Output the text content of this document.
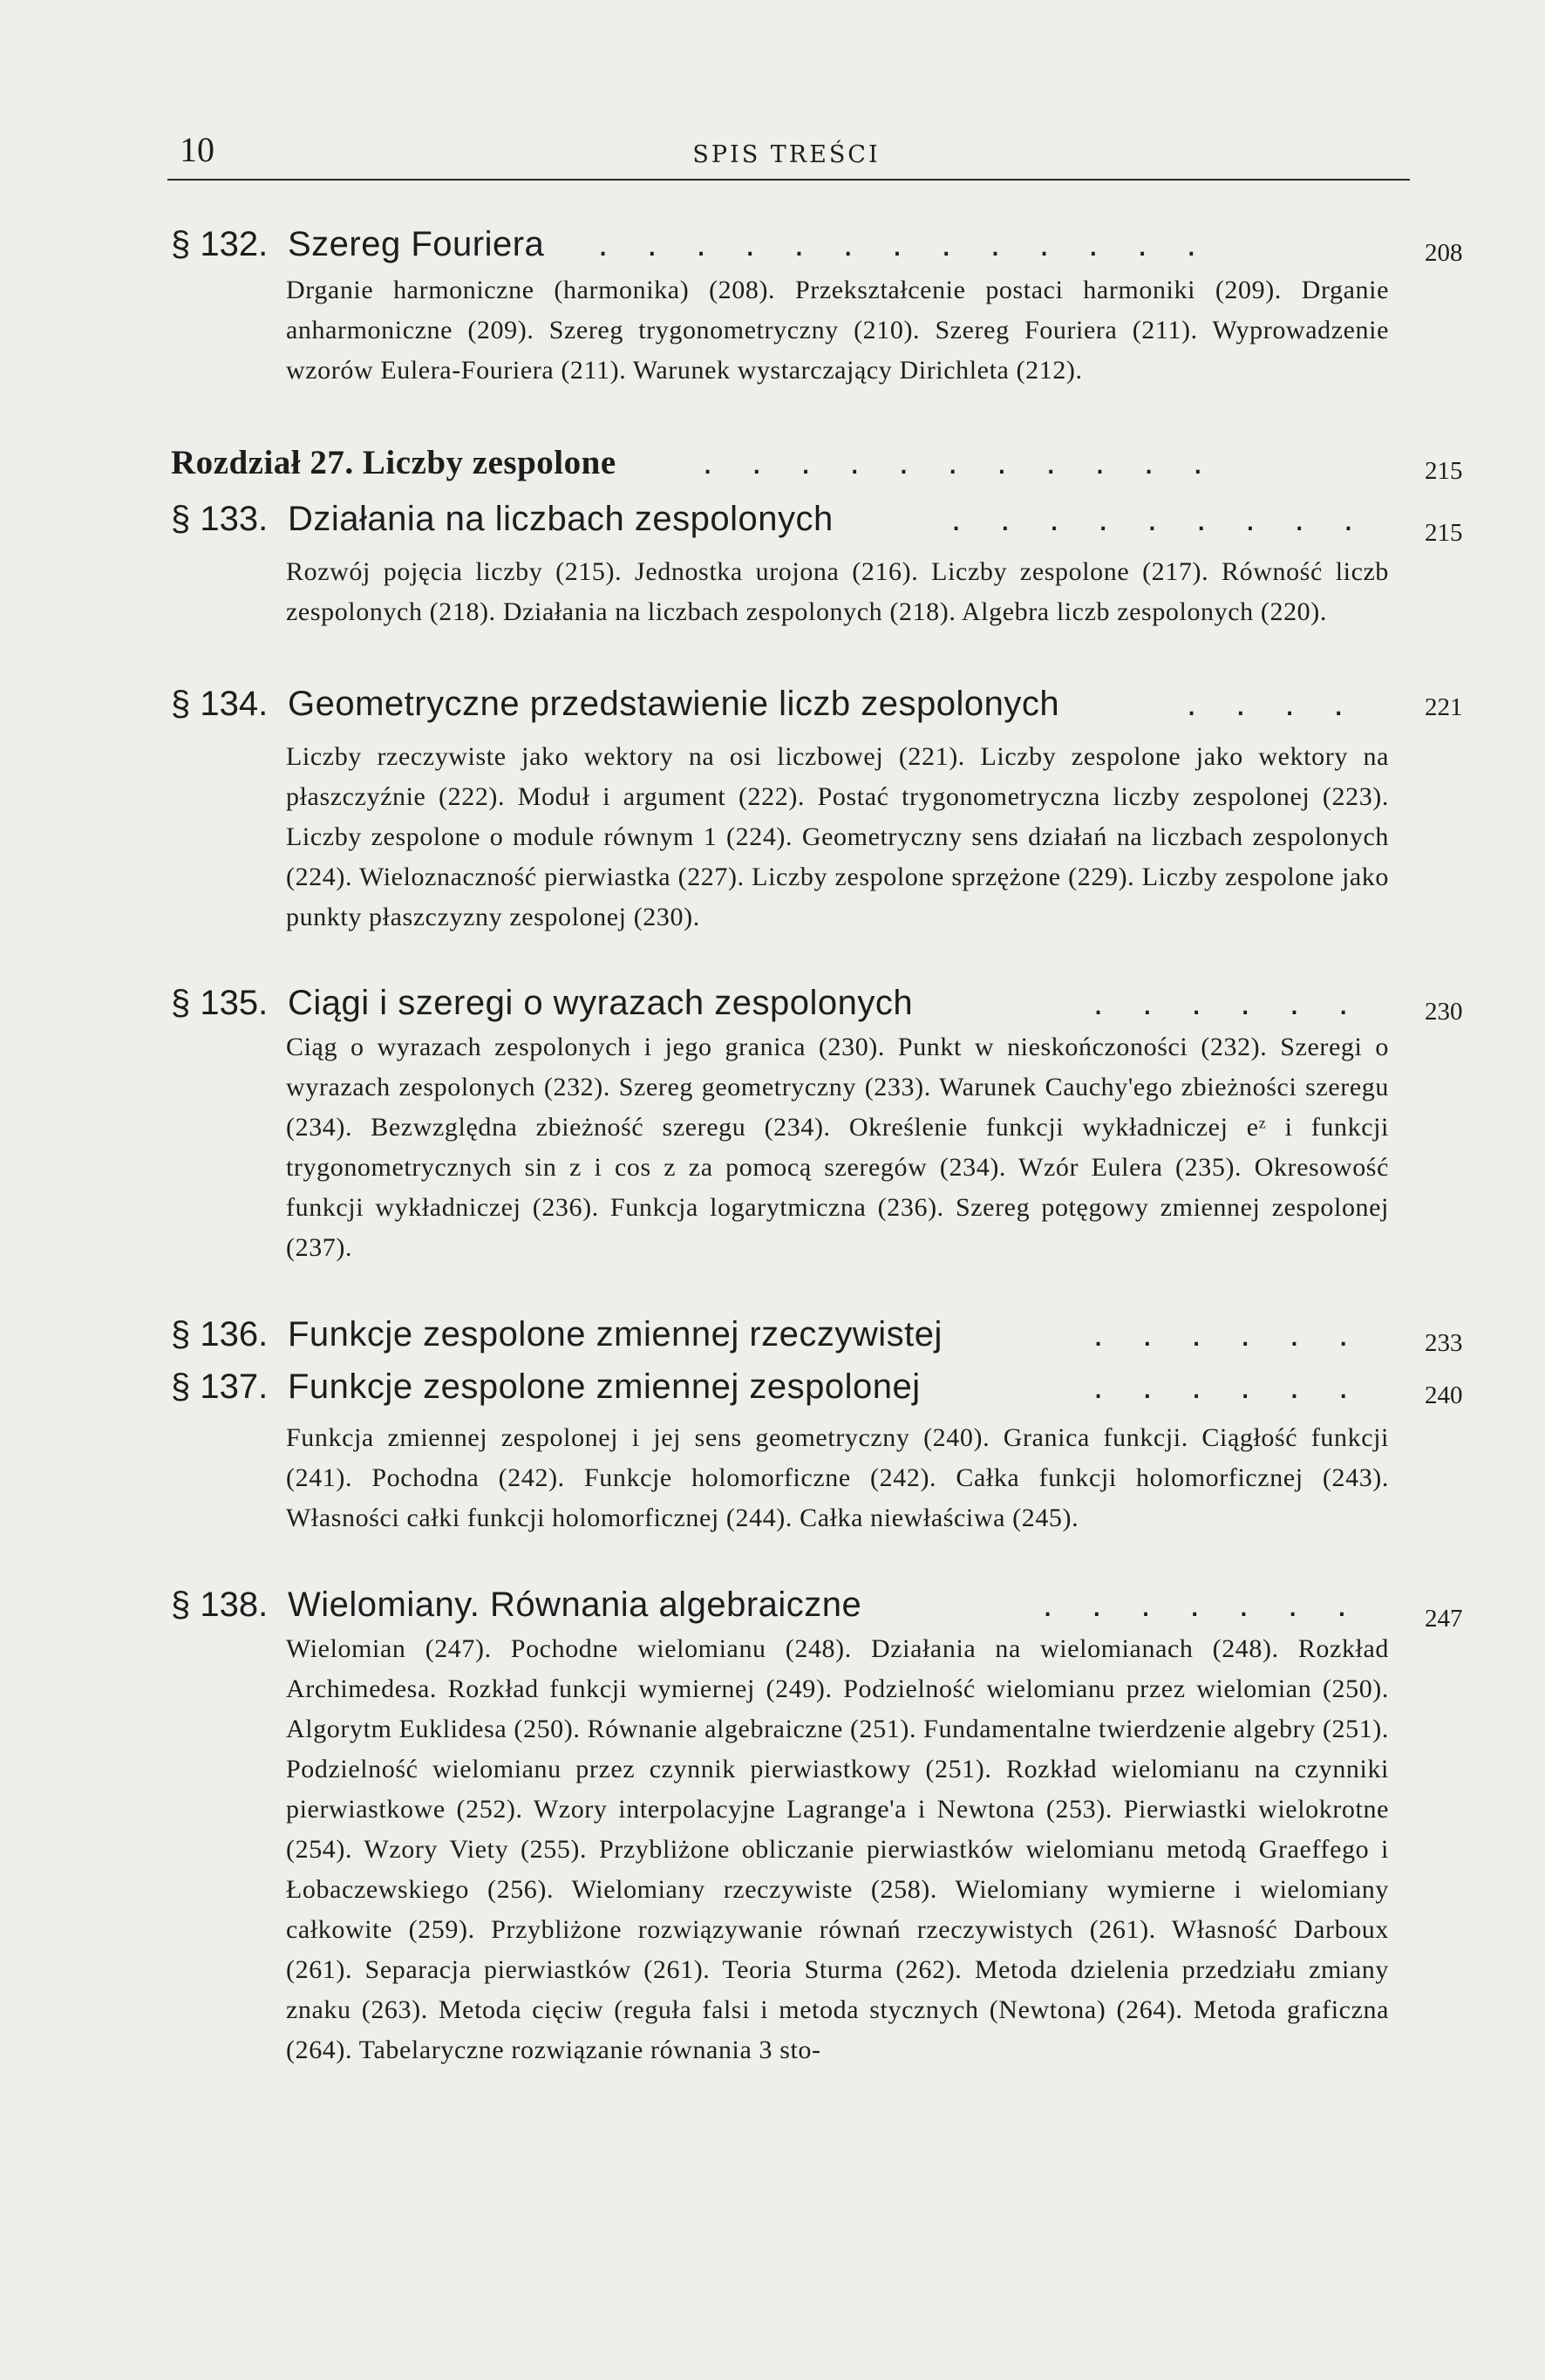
10	SPIS TREŚCI
§ 132. Szereg Fouriera . . . . . . . . . . . . .	208
Drganie harmoniczne (harmonika) (208). Przekształcenie postaci harmoniki (209). Drganie anharmoniczne (209). Szereg trygonometryczny (210). Szereg Fouriera (211). Wyprowadzenie wzorów Eulera-Fouriera (211). Warunek wystarczający Dirichleta (212).
Rozdział 27. Liczby zespolone . . . . . . . . . . .	215
§ 133. Działania na liczbach zespolonych	. . . . . . . . . 215
Rozwój pojęcia liczby (215). Jednostka urojona (216). Liczby zespolone (217). Równość liczb zespolonych (218). Działania na liczbach zespolonych (218). Algebra liczb zespolonych (220).
§ 134. Geometryczne przedstawienie liczb zespolonych	. . . .	221
Liczby rzeczywiste jako wektory na osi liczbowej (221). Liczby zespolone jako wektory na płaszczyźnie (222). Moduł i argument (222). Postać trygonometryczna liczby zespolonej (223). Liczby zespolone o module równym 1 (224). Geometryczny sens działań na liczbach zespolonych (224). Wieloznaczność pierwiastka (227). Liczby zespolone sprzężone (229). Liczby zespolone jako punkty płaszczyzny zespolonej (230).
§ 135. Ciągi i szeregi o wyrazach zespolonych	. . . . . . 230
Ciąg o wyrazach zespolonych i jego granica (230). Punkt w nieskończoności (232). Szeregi o wyrazach zespolonych (232). Szereg geometryczny (233). Warunek Cauchy'ego zbieżności szeregu (234). Bezwzględna zbieżność szeregu (234). Określenie funkcji wykładniczej eᶻ i funkcji trygonometrycznych sin z i cos z za pomocą szeregów (234). Wzór Eulera (235). Okresowość funkcji wykładniczej (236). Funkcja logarytmiczna (236). Szereg potęgowy zmiennej zespolonej (237).
§ 136. Funkcje zespolone zmiennej rzeczywistej	. . . . . . 233
§ 137. Funkcje zespolone zmiennej zespolonej	. . . . . . 240
Funkcja zmiennej zespolonej i jej sens geometryczny (240). Granica funkcji. Ciągłość funkcji (241). Pochodna (242). Funkcje holomorficzne (242). Całka funkcji holomorficznej (243). Własności całki funkcji holomorficznej (244). Całka niewłaściwa (245).
§ 138. Wielomiany. Równania algebraiczne	. . . . . . .	247
Wielomian (247). Pochodne wielomianu (248). Działania na wielomianach (248). Rozkład Archimedesa. Rozkład funkcji wymiernej (249). Podzielność wielomianu przez wielomian (250). Algorytm Euklidesa (250). Równanie algebraiczne (251). Fundamentalne twierdzenie algebry (251). Podzielność wielomianu przez czynnik pierwiastkowy (251). Rozkład wielomianu na czynniki pierwiastkowe (252). Wzory interpolacyjne Lagrange'a i Newtona (253). Pierwiastki wielokrotne (254). Wzory Viety (255). Przybliżone obliczanie pierwiastków wielomianu metodą Graeffego i Łobaczewskiego (256). Wielomiany rzeczywiste (258). Wielomiany wymierne i wielomiany całkowite (259). Przybliżone rozwiązywanie równań rzeczywistych (261). Własność Darboux (261). Separacja pierwiastków (261). Teoria Sturma (262). Metoda dzielenia przedziału zmiany znaku (263). Metoda cięciw (reguła falsi i metoda stycznych (Newtona) (264). Metoda graficzna (264). Tabelaryczne rozwiązanie równania 3 sto-
